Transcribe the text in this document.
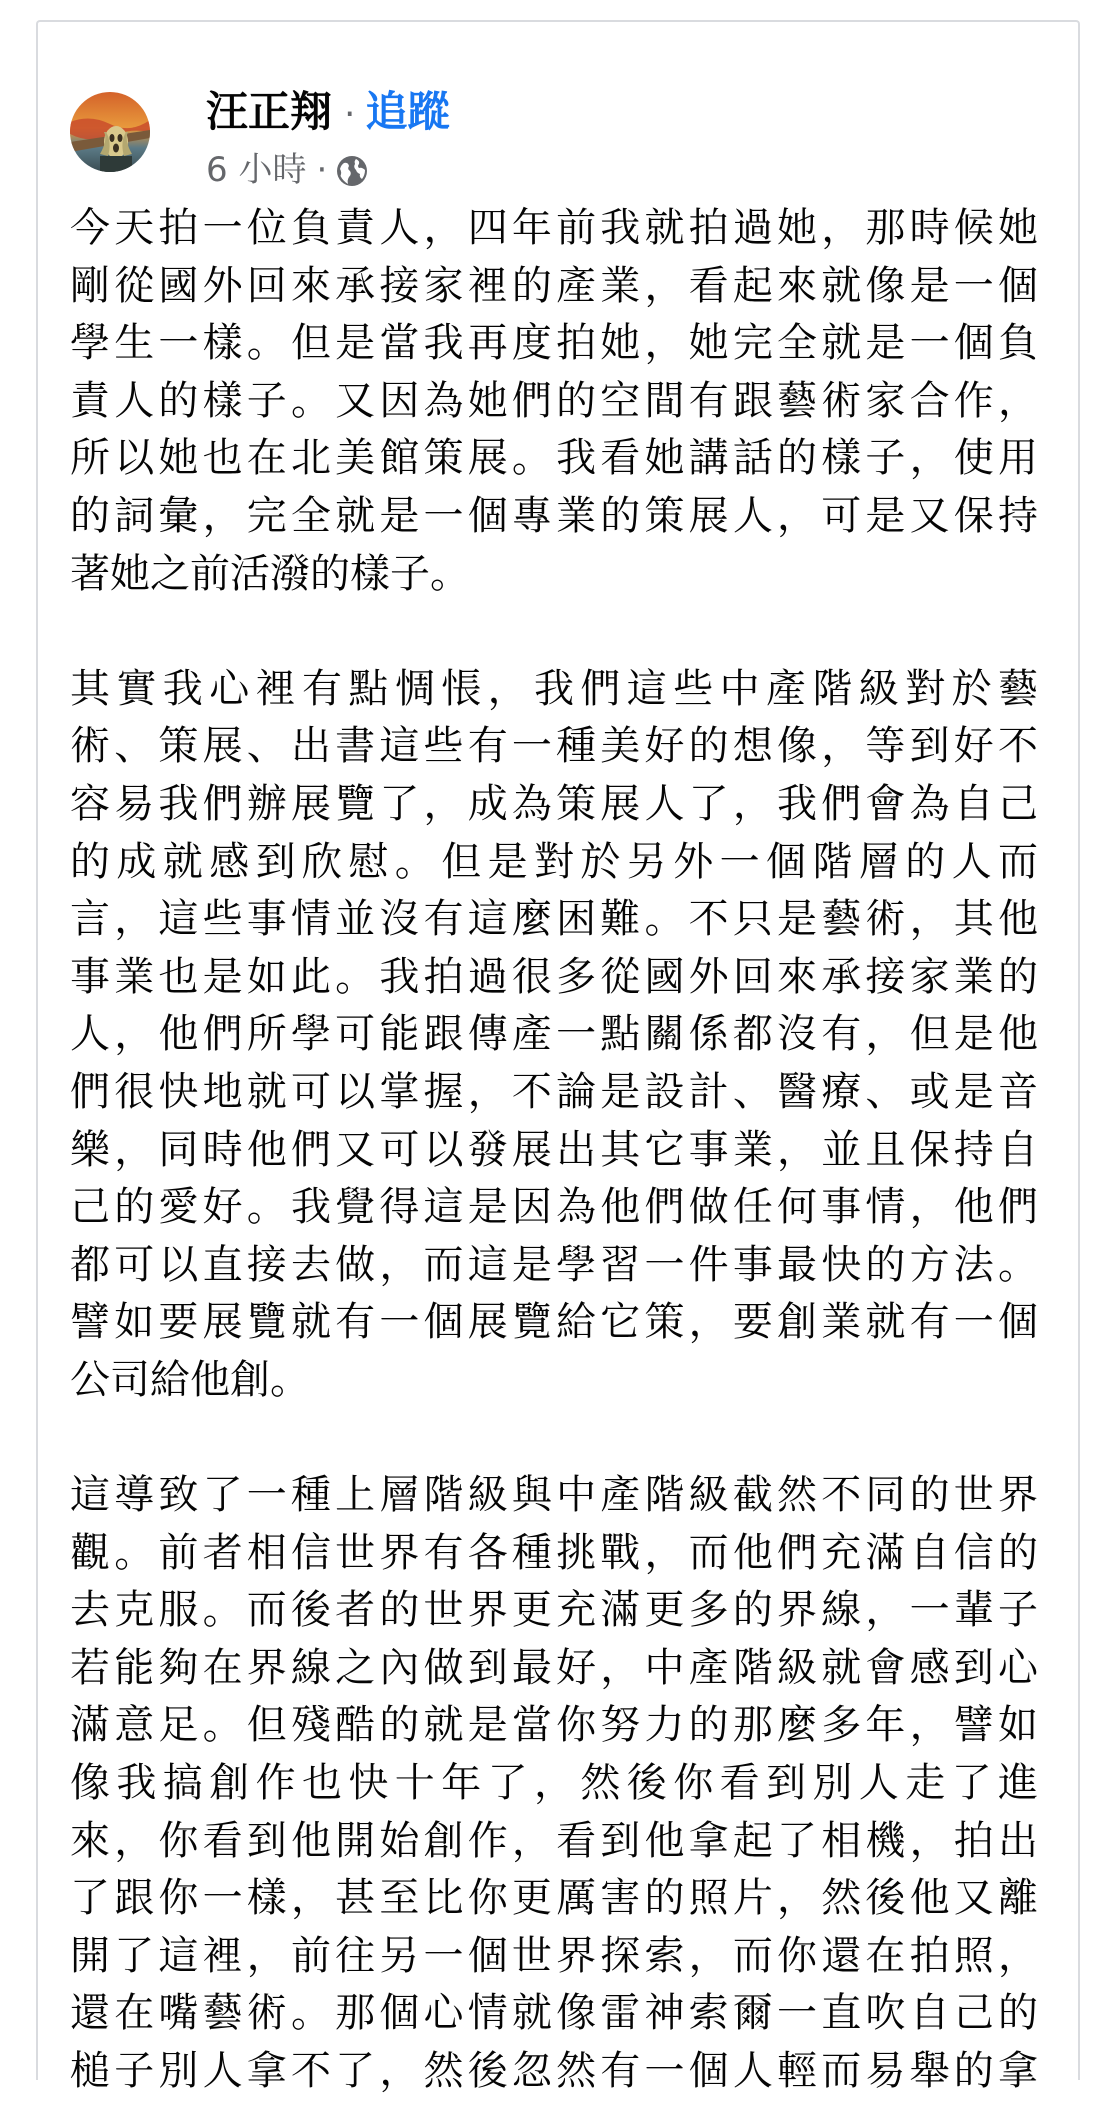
汪正翔 · 追蹤
6 小時 ·
今天拍一位負責人，四年前我就拍過她，那時候她
剛從國外回來承接家裡的產業，看起來就像是一個
學生一樣。但是當我再度拍她，她完全就是一個負
責人的樣子。又因為她們的空間有跟藝術家合作，
所以她也在北美館策展。我看她講話的樣子，使用
的詞彙，完全就是一個專業的策展人，可是又保持
著她之前活潑的樣子。
其實我心裡有點惆悵，我們這些中產階級對於藝
術、策展、出書這些有一種美好的想像，等到好不
容易我們辦展覽了，成為策展人了，我們會為自己
的成就感到欣慰。但是對於另外一個階層的人而
言，這些事情並沒有這麼困難。不只是藝術，其他
事業也是如此。我拍過很多從國外回來承接家業的
人，他們所學可能跟傳產一點關係都沒有，但是他
們很快地就可以掌握，不論是設計、醫療、或是音
樂，同時他們又可以發展出其它事業，並且保持自
己的愛好。我覺得這是因為他們做任何事情，他們
都可以直接去做，而這是學習一件事最快的方法。
譬如要展覽就有一個展覽給它策，要創業就有一個
公司給他創。
這導致了一種上層階級與中產階級截然不同的世界
觀。前者相信世界有各種挑戰，而他們充滿自信的
去克服。而後者的世界更充滿更多的界線，一輩子
若能夠在界線之內做到最好，中產階級就會感到心
滿意足。但殘酷的就是當你努力的那麼多年，譬如
像我搞創作也快十年了，然後你看到別人走了進
來，你看到他開始創作，看到他拿起了相機，拍出
了跟你一樣，甚至比你更厲害的照片，然後他又離
開了這裡，前往另一個世界探索，而你還在拍照，
還在嘴藝術。那個心情就像雷神索爾一直吹自己的
槌子別人拿不了，然後忽然有一個人輕而易舉的拿
